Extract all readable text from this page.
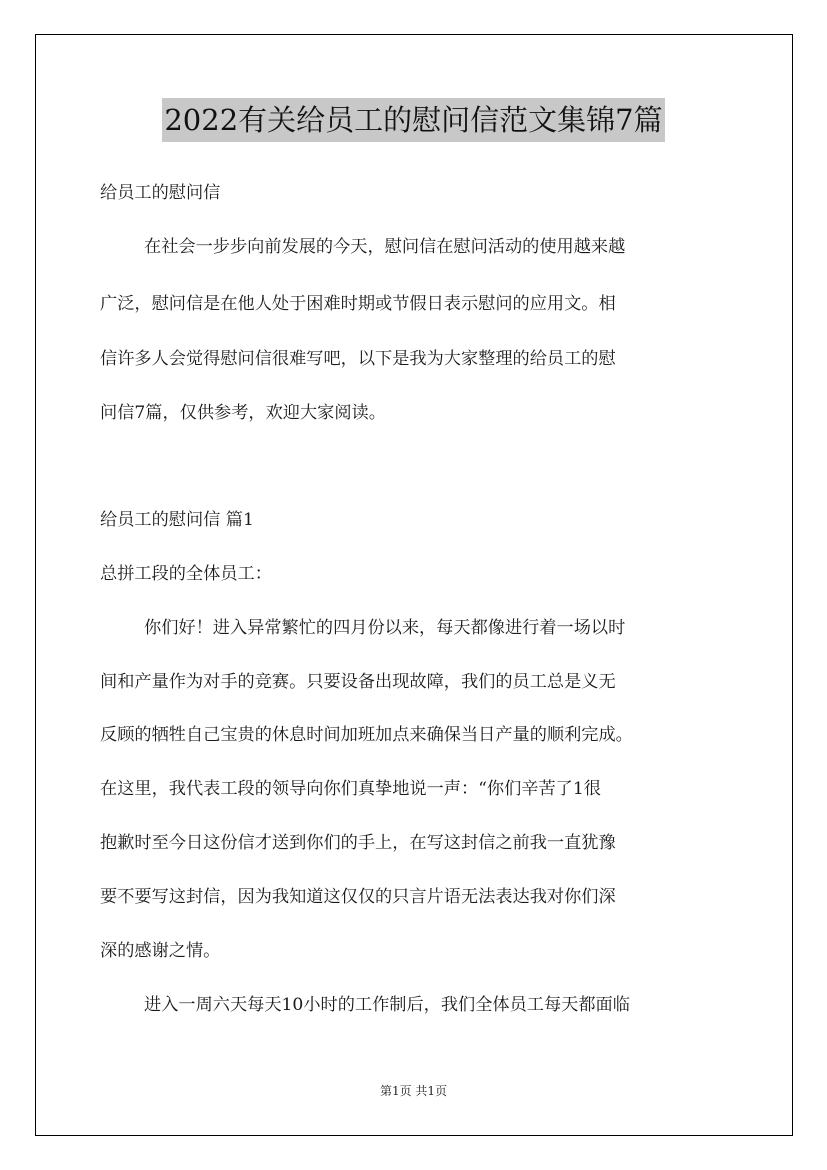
2022有关给员工的慰问信范文集锦7篇
给员工的慰问信
在社会一步步向前发展的今天，慰问信在慰问活动的使用越来越
广泛，慰问信是在他人处于困难时期或节假日表示慰问的应用文。相
信许多人会觉得慰问信很难写吧，以下是我为大家整理的给员工的慰
问信7篇，仅供参考，欢迎大家阅读。
给员工的慰问信 篇1
总拼工段的全体员工：
你们好！进入异常繁忙的四月份以来，每天都像进行着一场以时
间和产量作为对手的竞赛。只要设备出现故障，我们的员工总是义无
反顾的牺牲自己宝贵的休息时间加班加点来确保当日产量的顺利完成。
在这里，我代表工段的领导向你们真挚地说一声：“你们辛苦了1很
抱歉时至今日这份信才送到你们的手上，在写这封信之前我一直犹豫
要不要写这封信，因为我知道这仅仅的只言片语无法表达我对你们深
深的感谢之情。
进入一周六天每天10小时的工作制后，我们全体员工每天都面临
第1页 共1页
